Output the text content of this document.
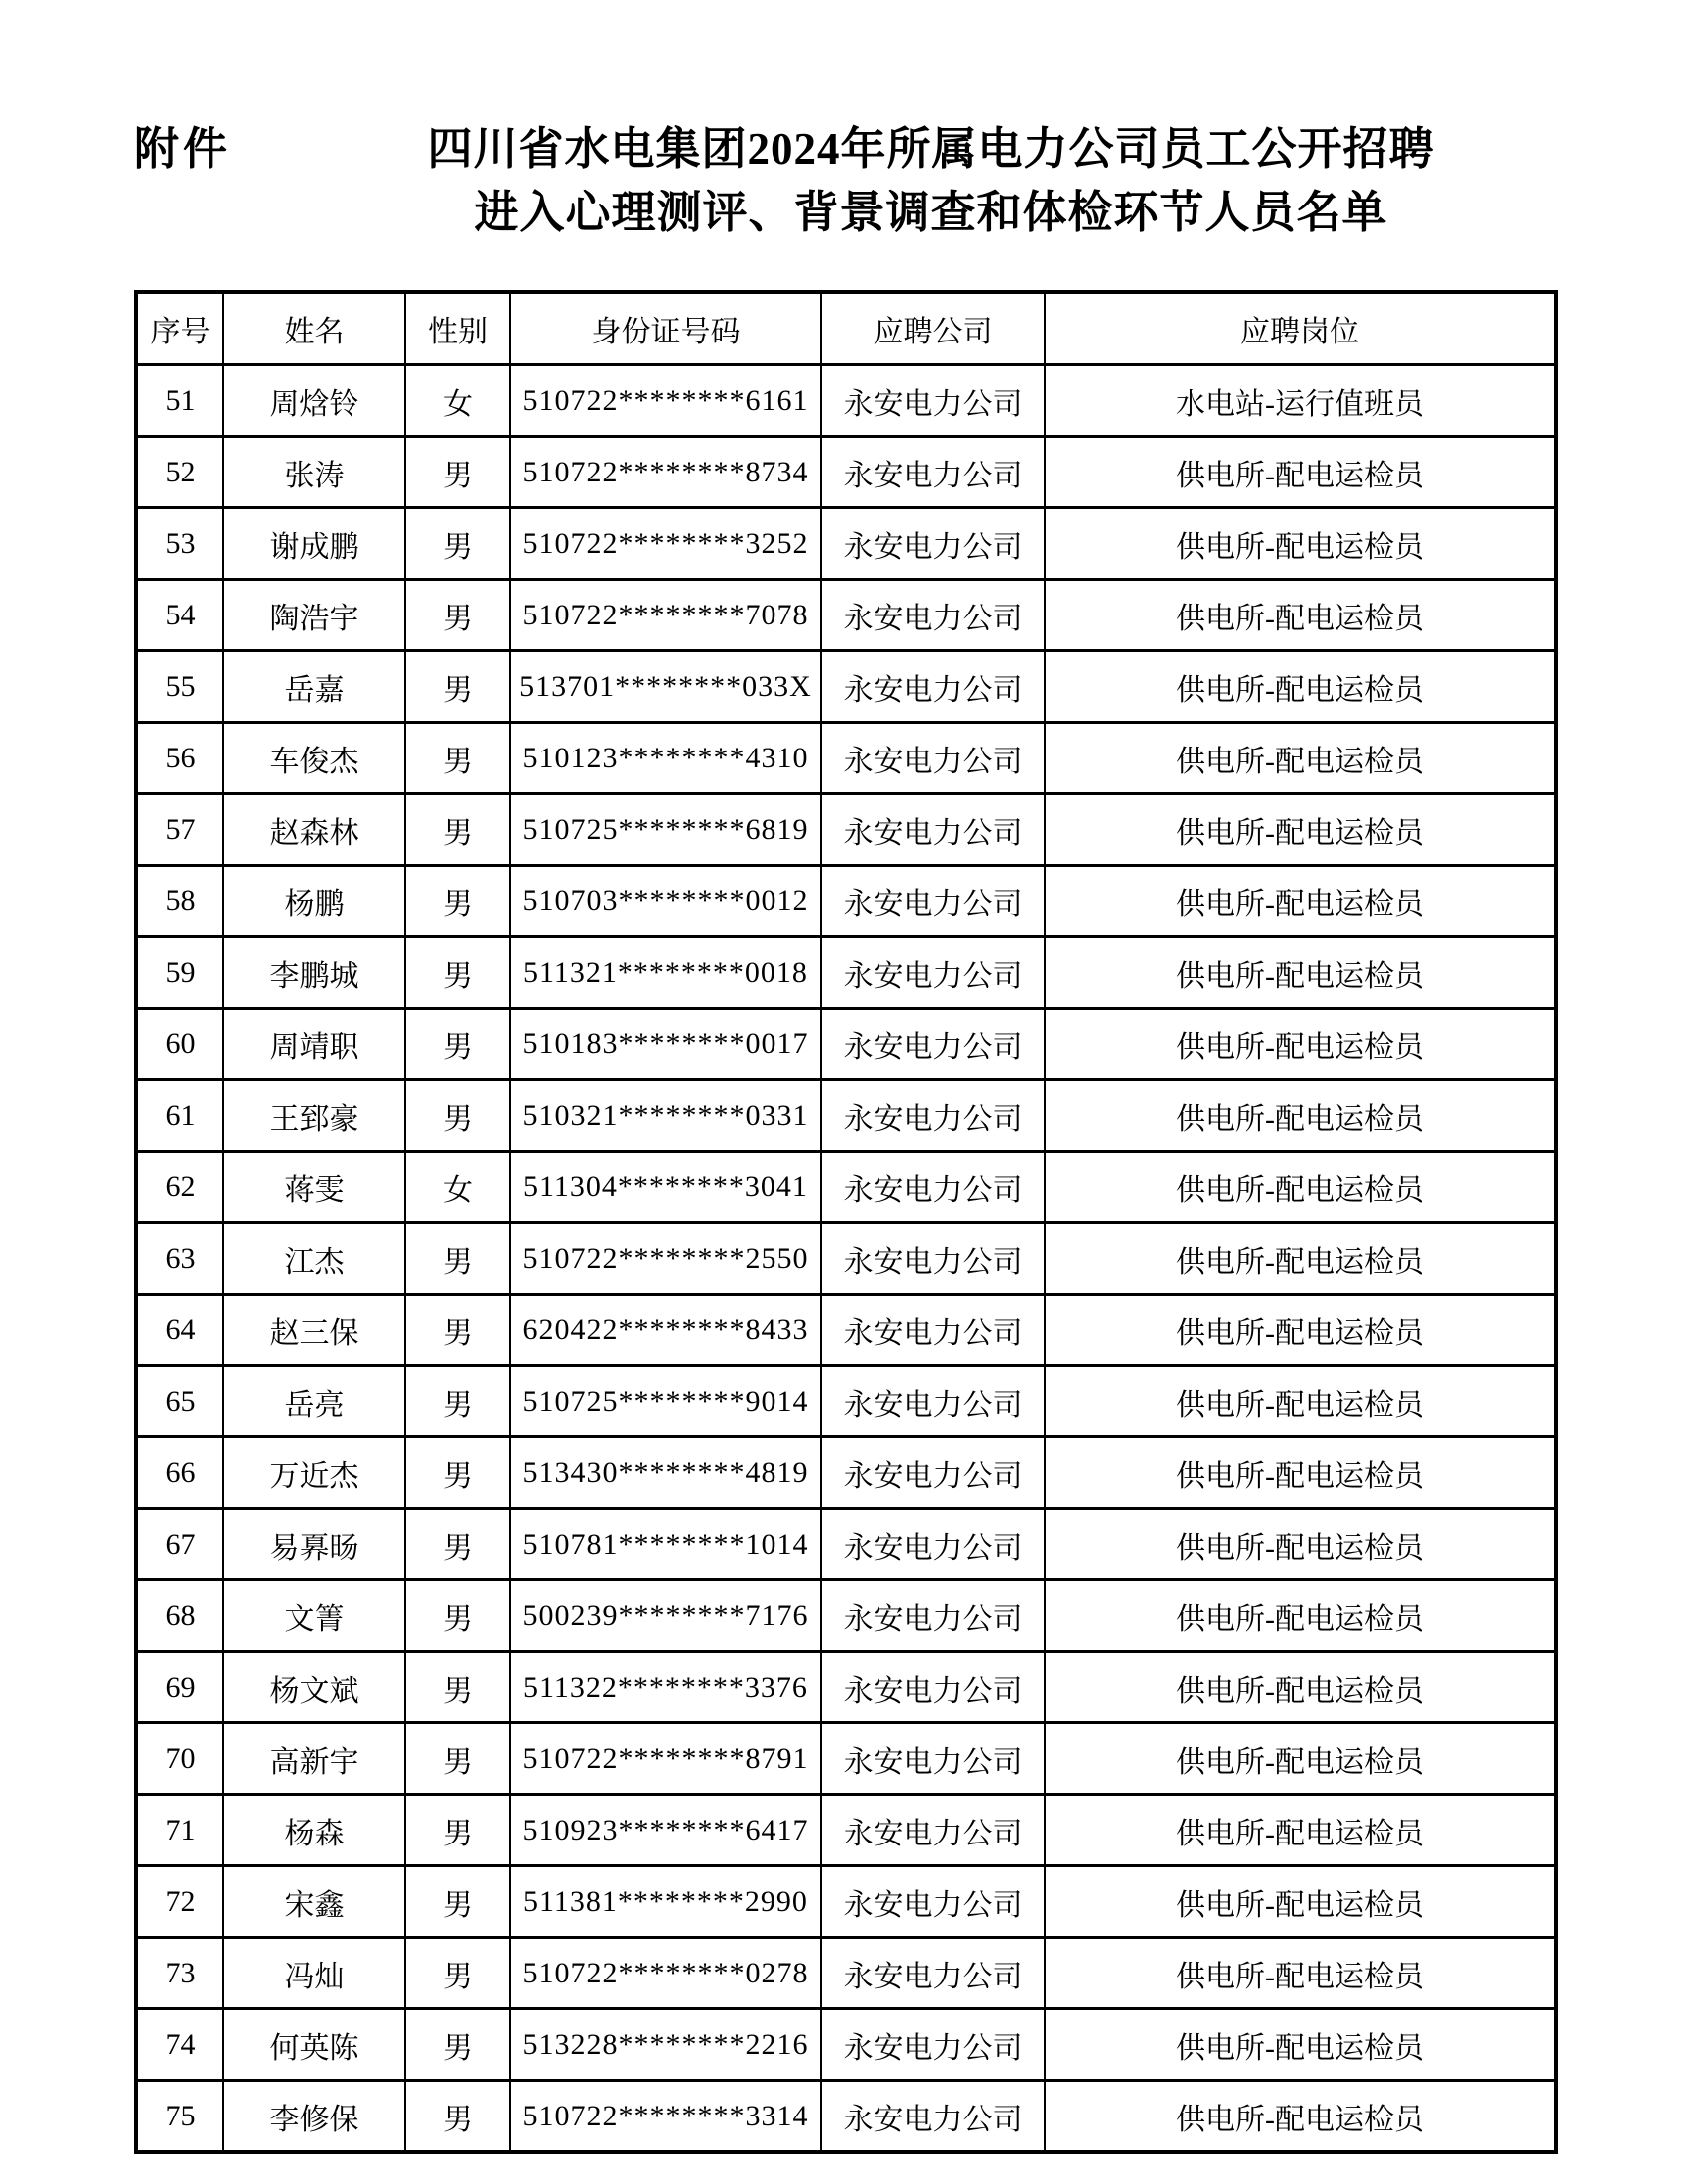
附件	四川省水电集团2024年所属电力公司员工公开招聘
进入心理测评、背景调查和体检环节人员名单
序号	姓名	性别	身份证号码	应聘公司	应聘岗位
51	周焓铃	女	510722********6161	永安电力公司	水电站-运行值班员
52	张涛	男	510722********8734	永安电力公司	供电所-配电运检员
53	谢成鹏	男	510722********3252	永安电力公司	供电所-配电运检员
54	陶浩宇	男	510722********7078	永安电力公司	供电所-配电运检员
55	岳嘉	男	513701********033X	永安电力公司	供电所-配电运检员
56	车俊杰	男	510123********4310	永安电力公司	供电所-配电运检员
57	赵森林	男	510725********6819	永安电力公司	供电所-配电运检员
58	杨鹏	男	510703********0012	永安电力公司	供电所-配电运检员
59	李鹏城	男	511321********0018	永安电力公司	供电所-配电运检员
60	周靖职	男	510183********0017	永安电力公司	供电所-配电运检员
61	王郅豪	男	510321********0331	永安电力公司	供电所-配电运检员
62	蒋雯	女	511304********3041	永安电力公司	供电所-配电运检员
63	江杰	男	510722********2550	永安电力公司	供电所-配电运检员
64	赵三保	男	620422********8433	永安电力公司	供电所-配电运检员
65	岳亮	男	510725********9014	永安电力公司	供电所-配电运检员
66	万近杰	男	513430********4819	永安电力公司	供电所-配电运检员
67	易奡旸	男	510781********1014	永安电力公司	供电所-配电运检员
68	文箐	男	500239********7176	永安电力公司	供电所-配电运检员
69	杨文斌	男	511322********3376	永安电力公司	供电所-配电运检员
70	高新宇	男	510722********8791	永安电力公司	供电所-配电运检员
71	杨森	男	510923********6417	永安电力公司	供电所-配电运检员
72	宋鑫	男	511381********2990	永安电力公司	供电所-配电运检员
73	冯灿	男	510722********0278	永安电力公司	供电所-配电运检员
74	何英陈	男	513228********2216	永安电力公司	供电所-配电运检员
75	李修保	男	510722********3314	永安电力公司	供电所-配电运检员
